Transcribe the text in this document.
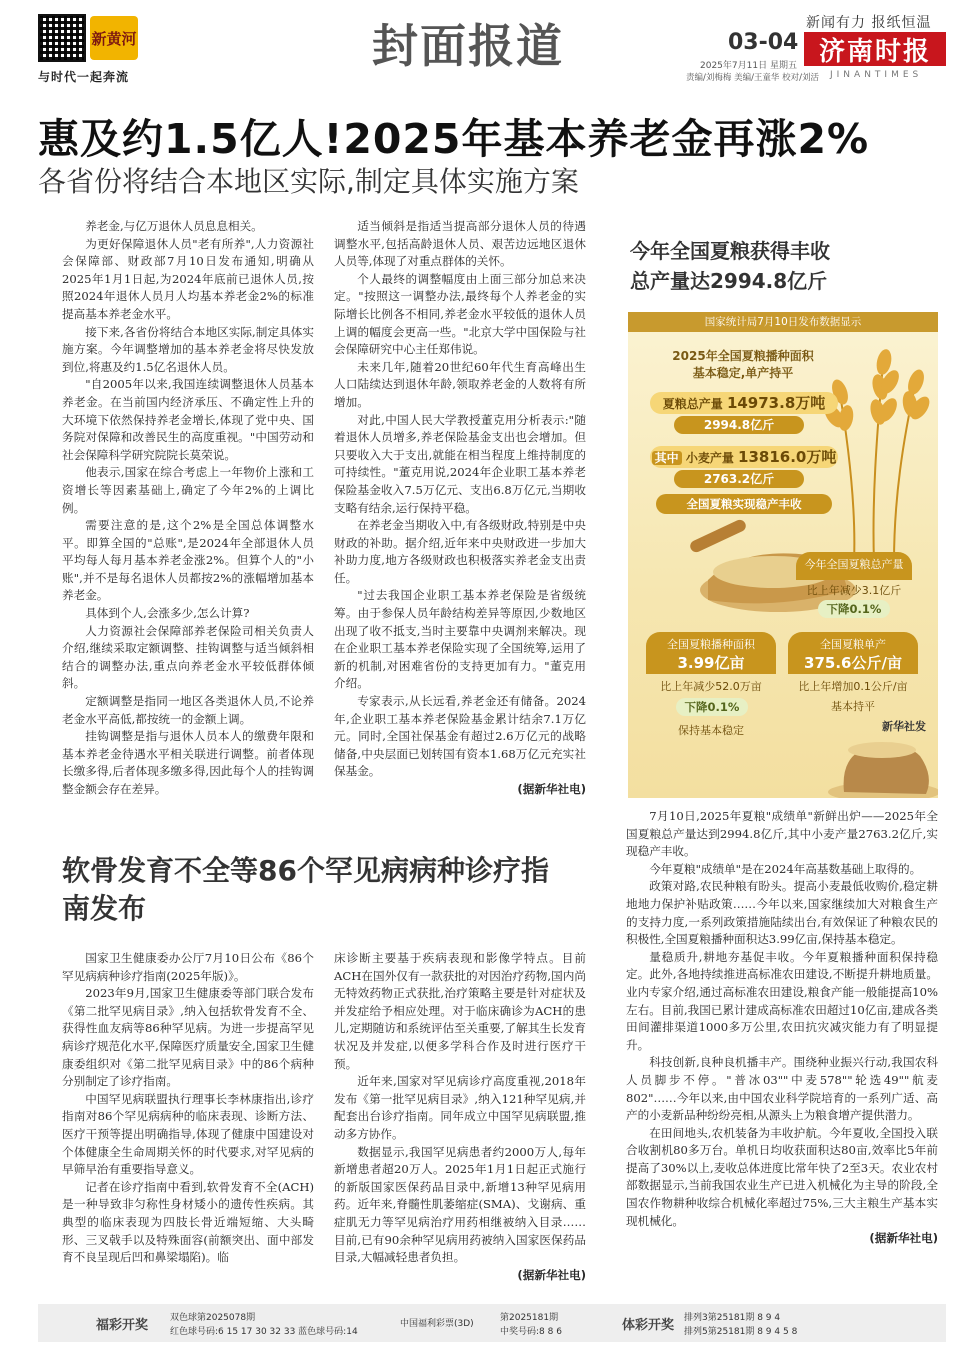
新黄河
与时代一起奔流
封面报道	03-04
2025年7月11日 星期五
责编/刘梅梅 美编/王童华 校对/刘活
新闻有力 报纸恒温
济南时报
JINANTIMES
惠及约1.5亿人!2025年基本养老金再涨2%
各省份将结合本地区实际,制定具体实施方案

养老金,与亿万退休人员息息相关。

为更好保障退休人员"老有所养",人力资源社会保障部、财政部7月10日发布通知,明确从2025年1月1日起,为2024年底前已退休人员,按照2024年退休人员月人均基本养老金2%的标准提高基本养老金水平。

接下来,各省份将结合本地区实际,制定具体实施方案。今年调整增加的基本养老金将尽快发放到位,将惠及约1.5亿名退休人员。

"自2005年以来,我国连续调整退休人员基本养老金。在当前国内经济承压、不确定性上升的大环境下依然保持养老金增长,体现了党中央、国务院对保障和改善民生的高度重视。"中国劳动和社会保障科学研究院院长莫荣说。

他表示,国家在综合考虑上一年物价上涨和工资增长等因素基础上,确定了今年2%的上调比例。

需要注意的是,这个2%是全国总体调整水平。即算全国的"总账",是2024年全部退休人员平均每人每月基本养老金涨2%。但算个人的"小账",并不是每名退休人员都按2%的涨幅增加基本养老金。

具体到个人,会涨多少,怎么计算?

人力资源社会保障部养老保险司相关负责人介绍,继续采取定额调整、挂钩调整与适当倾斜相结合的调整办法,重点向养老金水平较低群体倾斜。

定额调整是指同一地区各类退休人员,不论养老金水平高低,都按统一的金额上调。

挂钩调整是指与退休人员本人的缴费年限和基本养老金待遇水平相关联进行调整。前者体现长缴多得,后者体现多缴多得,因此每个人的挂钩调整金额会存在差异。

适当倾斜是指适当提高部分退休人员的待遇调整水平,包括高龄退休人员、艰苦边远地区退休人员等,体现了对重点群体的关怀。

个人最终的调整幅度由上面三部分加总来决定。"按照这一调整办法,最终每个人养老金的实际增长比例各不相同,养老金水平较低的退休人员上调的幅度会更高一些。"北京大学中国保险与社会保障研究中心主任郑伟说。

未来几年,随着20世纪60年代生育高峰出生人口陆续达到退休年龄,领取养老金的人数将有所增加。

对此,中国人民大学教授董克用分析表示:"随着退休人员增多,养老保险基金支出也会增加。但只要收入大于支出,就能在相当程度上维持制度的可持续性。"董克用说,2024年企业职工基本养老保险基金收入7.5万亿元、支出6.8万亿元,当期收支略有结余,运行保持平稳。

在养老金当期收入中,有各级财政,特别是中央财政的补助。据介绍,近年来中央财政进一步加大补助力度,地方各级财政也积极落实养老金支出责任。

"过去我国企业职工基本养老保险是省级统筹。由于参保人员年龄结构差异等原因,少数地区出现了收不抵支,当时主要靠中央调剂来解决。现在企业职工基本养老保险实现了全国统筹,运用了新的机制,对困难省份的支持更加有力。"董克用介绍。

专家表示,从长远看,养老金还有储备。2024年,企业职工基本养老保险基金累计结余7.1万亿元。同时,全国社保基金有超过2.6万亿元的战略储备,中央层面已划转国有资本1.68万亿元充实社保基金。

(据新华社电)

软骨发育不全等86个罕见病病种诊疗指南发布

国家卫生健康委办公厅7月10日公布《86个罕见病病种诊疗指南(2025年版)》。

2023年9月,国家卫生健康委等部门联合发布《第二批罕见病目录》,纳入包括软骨发育不全、获得性血友病等86种罕见病。为进一步提高罕见病诊疗规范化水平,保障医疗质量安全,国家卫生健康委组织对《第二批罕见病目录》中的86个病种分别制定了诊疗指南。

中国罕见病联盟执行理事长李林康指出,诊疗指南对86个罕见病病种的临床表现、诊断方法、医疗干预等提出明确指导,体现了健康中国建设对个体健康全生命周期关怀的时代要求,对罕见病的早筛早治有重要指导意义。

记者在诊疗指南中看到,软骨发育不全(ACH)是一种导致非匀称性身材矮小的遗传性疾病。其典型的临床表现为四肢长骨近端短缩、大头畸形、三叉戟手以及特殊面容(前额突出、面中部发育不良呈现后凹和鼻梁塌陷)。临

床诊断主要基于疾病表现和影像学特点。目前ACH在国外仅有一款获批的对因治疗药物,国内尚无特效药物正式获批,治疗策略主要是针对症状及并发症给予相应处理。对于临床确诊为ACH的患儿,定期随访和系统评估至关重要,了解其生长发育状况及并发症,以便多学科合作及时进行医疗干预。

近年来,国家对罕见病诊疗高度重视,2018年发布《第一批罕见病目录》,纳入121种罕见病,并配套出台诊疗指南。同年成立中国罕见病联盟,推动多方协作。

数据显示,我国罕见病患者约2000万人,每年新增患者超20万人。2025年1月1日起正式施行的新版国家医保药品目录中,新增13种罕见病用药。近年来,脊髓性肌萎缩症(SMA)、戈谢病、重症肌无力等罕见病治疗用药相继被纳入目录……目前,已有90余种罕见病用药被纳入国家医保药品目录,大幅减轻患者负担。

(据新华社电)

今年全国夏粮获得丰收
总产量达2994.8亿斤
国家统计局7月10日发布数据显示
2025年全国夏粮播种面积
基本稳定,单产持平
夏粮总产量 14973.8万吨
2994.8亿斤
其中 小麦产量 13816.0万吨
2763.2亿斤
全国夏粮实现稳产丰收
今年全国夏粮总产量
比上年减少3.1亿斤
下降0.1%
全国夏粮播种面积
3.99亿亩
比上年减少52.0万亩
下降0.1%
保持基本稳定
全国夏粮单产
375.6公斤/亩
比上年增加0.1公斤/亩
基本持平
新华社发

7月10日,2025年夏粮"成绩单"新鲜出炉——2025年全国夏粮总产量达到2994.8亿斤,其中小麦产量2763.2亿斤,实现稳产丰收。

今年夏粮"成绩单"是在2024年高基数基础上取得的。

政策对路,农民种粮有盼头。提高小麦最低收购价,稳定耕地地力保护补贴政策……今年以来,国家继续加大对粮食生产的支持力度,一系列政策措施陆续出台,有效保证了种粮农民的积极性,全国夏粮播种面积达3.99亿亩,保持基本稳定。

量稳质升,耕地夯基促丰收。今年夏粮播种面积保持稳定。此外,各地持续推进高标准农田建设,不断提升耕地质量。业内专家介绍,通过高标准农田建设,粮食产能一般能提高10%左右。目前,我国已累计建成高标准农田超过10亿亩,建成各类田间灌排渠道1000多万公里,农田抗灾减灾能力有了明显提升。

科技创新,良种良机播丰产。围绕种业振兴行动,我国农科人员脚步不停。"普冰03""中麦578""轮选49""航麦802"……今年以来,由中国农业科学院培育的一系列广适、高产的小麦新品种纷纷亮相,从源头上为粮食增产提供潜力。

在田间地头,农机装备为丰收护航。今年夏收,全国投入联合收割机80多万台。单机日均收获面积达80亩,效率比5年前提高了30%以上,麦收总体进度比常年快了2至3天。农业农村部数据显示,当前我国农业生产已进入机械化为主导的阶段,全国农作物耕种收综合机械化率超过75%,三大主粮生产基本实现机械化。

(据新华社电)

福彩开奖 双色球第2025078期
红色球号码:6 15 17 30 32 33 蓝色球号码:14
中国福利彩票(3D)
第2025181期
中奖号码:8 8 6	体彩开奖 排列3第25181期 8 9 4
排列5第25181期 8 9 4 5 8
